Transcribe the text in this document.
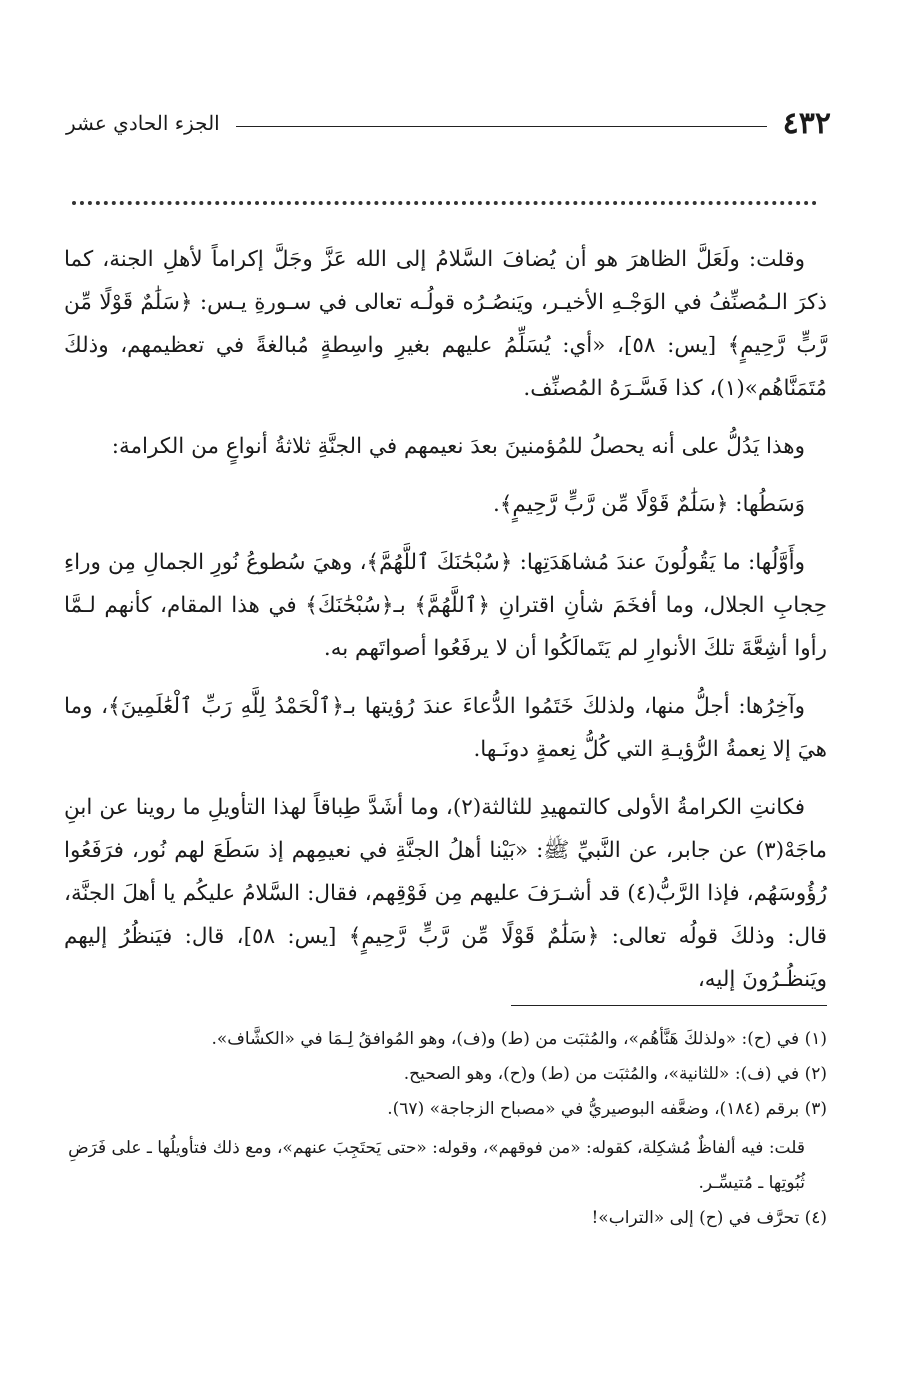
٤٣٢
الجزء الحادي عشر

وقلت: ولَعَلَّ الظاهرَ هو أن يُضافَ السَّلامُ إلى الله عَزَّ وجَلَّ إكراماً لأهلِ الجنة، كما ذكرَ الـمُصنِّفُ في الوَجْـهِ الأخيـر، ويَنصُـرُه قولُـه تعالى في سـورةِ يـس: ﴿سَلَٰمٌ قَوْلًا مِّن رَّبٍّ رَّحِيمٍ﴾ [يس: ٥٨]، «أي: يُسَلِّمُ عليهم بغيرِ واسِطةٍ مُبالغةً في تعظيمهم، وذلكَ مُتَمَنَّاهُم»(١)، كذا فَسَّـرَهُ المُصنِّف.

وهذا يَدُلُّ على أنه يحصلُ للمُؤمنينَ بعدَ نعيمهم في الجنَّةِ ثلاثةُ أنواعٍ من الكرامة:

وَسَطُها: ﴿سَلَٰمٌ قَوْلًا مِّن رَّبٍّ رَّحِيمٍ﴾.

وأَوَّلُها: ما يَقُولُونَ عندَ مُشاهَدَتِها: ﴿سُبْحَٰنَكَ ٱللَّهُمَّ﴾، وهيَ سُطوعُ نُورِ الجمالِ مِن وراءِ حِجابِ الجلال، وما أفخَمَ شأنِ اقترانِ ﴿ٱللَّهُمَّ﴾ بـ﴿سُبْحَٰنَكَ﴾ في هذا المقام، كأنهم لـمَّا رأوا أشِعَّةَ تلكَ الأنوارِ لم يَتَمالَكُوا أن لا يرفَعُوا أصواتَهم به.

وآخِرُها: أجلُّ منها، ولذلكَ خَتَمُوا الدُّعاءَ عندَ رُؤيتها بـ﴿ٱلْحَمْدُ لِلَّهِ رَبِّ ٱلْعَٰلَمِينَ﴾، وما هيَ إلا نِعمةُ الرُّؤيـةِ التي كُلُّ نِعمةٍ دونَـها.

فكانتِ الكرامةُ الأولى كالتمهيدِ للثالثة(٢)، وما أشَدَّ طِباقاً لهذا التأويلِ ما روينا عن ابنِ ماجَهْ(٣) عن جابر، عن النَّبيِّ ﷺ: «بَيْنا أهلُ الجنَّةِ في نعيمِهم إذ سَطَعَ لهم نُور، فرَفَعُوا رُؤُوسَهُم، فإذا الرَّبُّ(٤) قد أشـرَفَ عليهم مِن فَوْقِهم، فقال: السَّلامُ عليكُم يا أهلَ الجنَّة، قال: وذلكَ قولُه تعالى: ﴿سَلَٰمٌ قَوْلًا مِّن رَّبٍّ رَّحِيمٍ﴾ [يس: ٥٨]، قال: فيَنظُرُ إليهم ويَنظُـرُونَ إليه،

(١) في (ح): «ولذلكَ هَنَّأهُم»، والمُثبَت من (ط) و(ف)، وهو المُوافقُ لِـمَا في «الكشَّاف».

(٢) في (ف): «للثانية»، والمُثبَت من (ط) و(ح)، وهو الصحيح.

(٣) برقم (١٨٤)، وضعَّفه البوصيريُّ في «مصباح الزجاجة» (٦٧).

قلت: فيه ألفاظٌ مُشكِلة، كقوله: «من فوقهم»، وقوله: «حتى يَحتَجِبَ عنهم»، ومع ذلك فتأويلُها ـ على فَرَضِ ثُبُوتِها ـ مُتيسِّـر.

(٤) تحرَّف في (ح) إلى «التراب»!
